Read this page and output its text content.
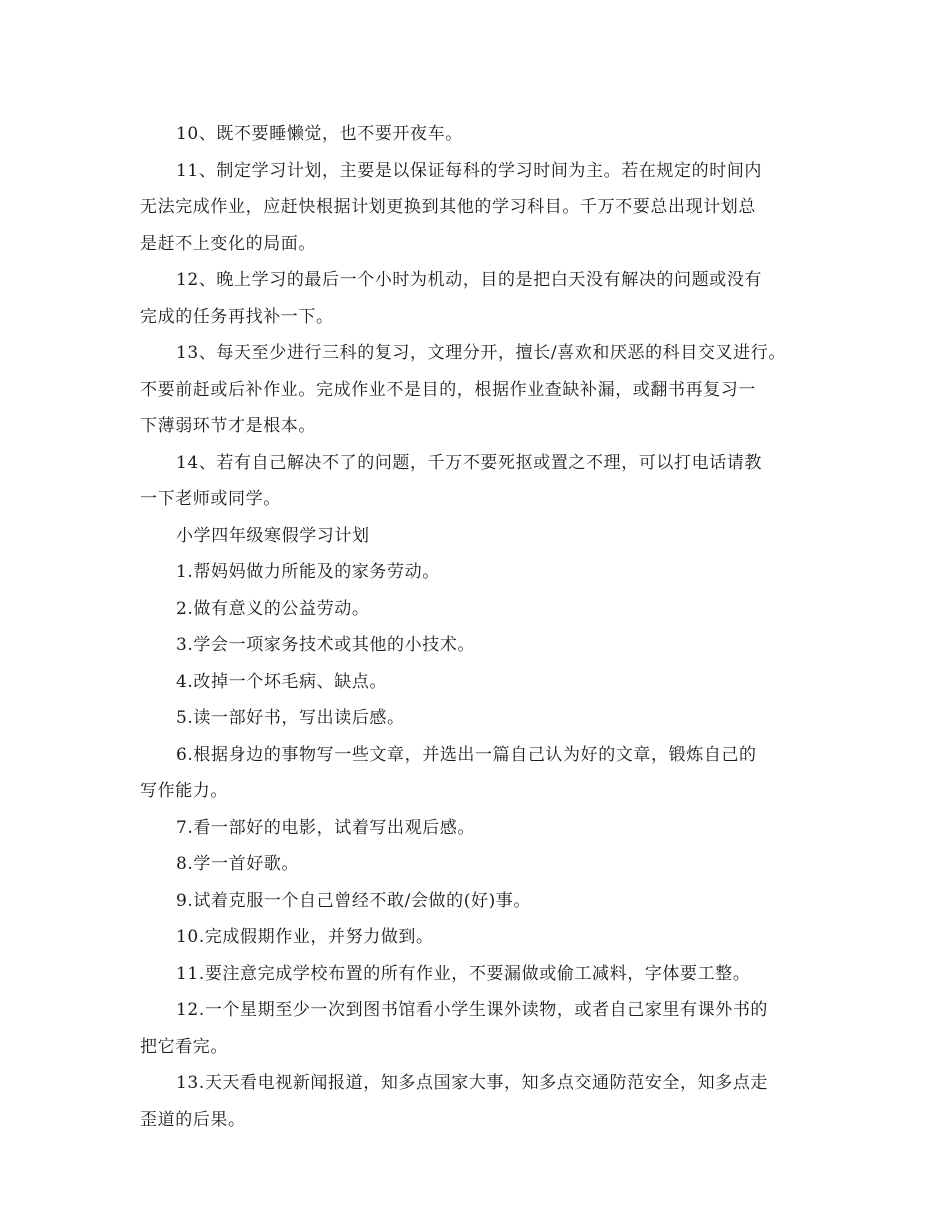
10、既不要睡懒觉，也不要开夜车。
11、制定学习计划，主要是以保证每科的学习时间为主。若在规定的时间内
无法完成作业，应赶快根据计划更换到其他的学习科目。千万不要总出现计划总
是赶不上变化的局面。
12、晚上学习的最后一个小时为机动，目的是把白天没有解决的问题或没有
完成的任务再找补一下。
13、每天至少进行三科的复习，文理分开，擅长/喜欢和厌恶的科目交叉进行。
不要前赶或后补作业。完成作业不是目的，根据作业查缺补漏，或翻书再复习一
下薄弱环节才是根本。
14、若有自己解决不了的问题，千万不要死抠或置之不理，可以打电话请教
一下老师或同学。
小学四年级寒假学习计划
1.帮妈妈做力所能及的家务劳动。
2.做有意义的公益劳动。
3.学会一项家务技术或其他的小技术。
4.改掉一个坏毛病、缺点。
5.读一部好书，写出读后感。
6.根据身边的事物写一些文章，并选出一篇自己认为好的文章，锻炼自己的
写作能力。
7.看一部好的电影，试着写出观后感。
8.学一首好歌。
9.试着克服一个自己曾经不敢/会做的(好)事。
10.完成假期作业，并努力做到。
11.要注意完成学校布置的所有作业，不要漏做或偷工减料，字体要工整。
12.一个星期至少一次到图书馆看小学生课外读物，或者自己家里有课外书的
把它看完。
13.天天看电视新闻报道，知多点国家大事，知多点交通防范安全，知多点走
歪道的后果。
